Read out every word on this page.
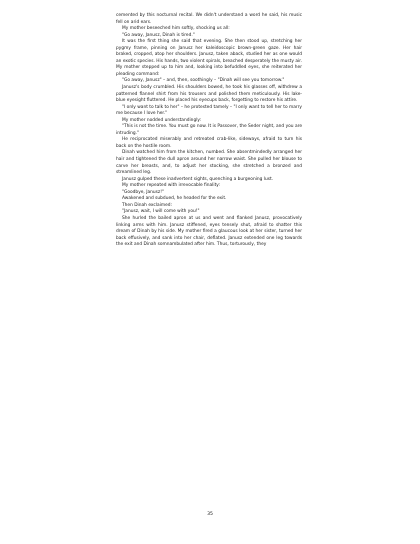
cemented by this nocturnal recital. We didn't understand a word he said, his music fell on arid ears.

My mother beseeched him softly, shocking us all:

"Go away, Janusz, Dinah is tired."

It was the first thing she said that evening. She then stood up, stretching her pygmy frame, pinning on Janusz her kaleidoscopic brown-green gaze. Her hair braked, cropped, atop her shoulders. Janusz, taken aback, studied her as one would an exotic species. His hands, two violent spirals, breached desperately the musty air. My mother stepped up to him and, looking into befuddled eyes, she reiterated her pleading command:

"Go away, Janusz" – and, then, soothingly – "Dinah will see you tomorrow."

Janusz's body crumbled. His shoulders bowed, he took his glasses off, withdrew a patterned flannel shirt from his trousers and polished them meticulously. His lake-blue eyesight fluttered. He placed his eyecups back, forgetting to restore his attire.

"I only want to talk to her" – he protested tamely – "I only want to tell her to marry me because I love her."

My mother nodded understandingly:

"This is not the time. You must go now. It is Passover, the Seder night, and you are intruding."

He reciprocated miserably and retreated crab-like, sideways, afraid to turn his back on the hostile room.

Dinah watched him from the kitchen, numbed. She absentmindedly arranged her hair and tightened the dull apron around her narrow waist. She pulled her blouse to carve her breasts, and, to adjust her stocking, she stretched a bronzed and streamlined leg.

Janusz gulped these inadvertent sights, quenching a burgeoning lust.

My mother repeated with irrevocable finality:

"Goodbye, Janusz!"

Awakened and subdued, he headed for the exit.

Then Dinah exclaimed:

"Janusz, wait, I will come with you!"

She hurled the bailed apron at us and went and flanked Janusz, provocatively linking arms with him. Janusz stiffened, eyes tensely shut, afraid to shatter this dream of Dinah by his side. My mother fired a glaucous look at her sister, turned her back effusively, and sank into her chair, deflated. Janusz extended one leg towards the exit and Dinah somnambulated after him. Thus, torturously, they

35
